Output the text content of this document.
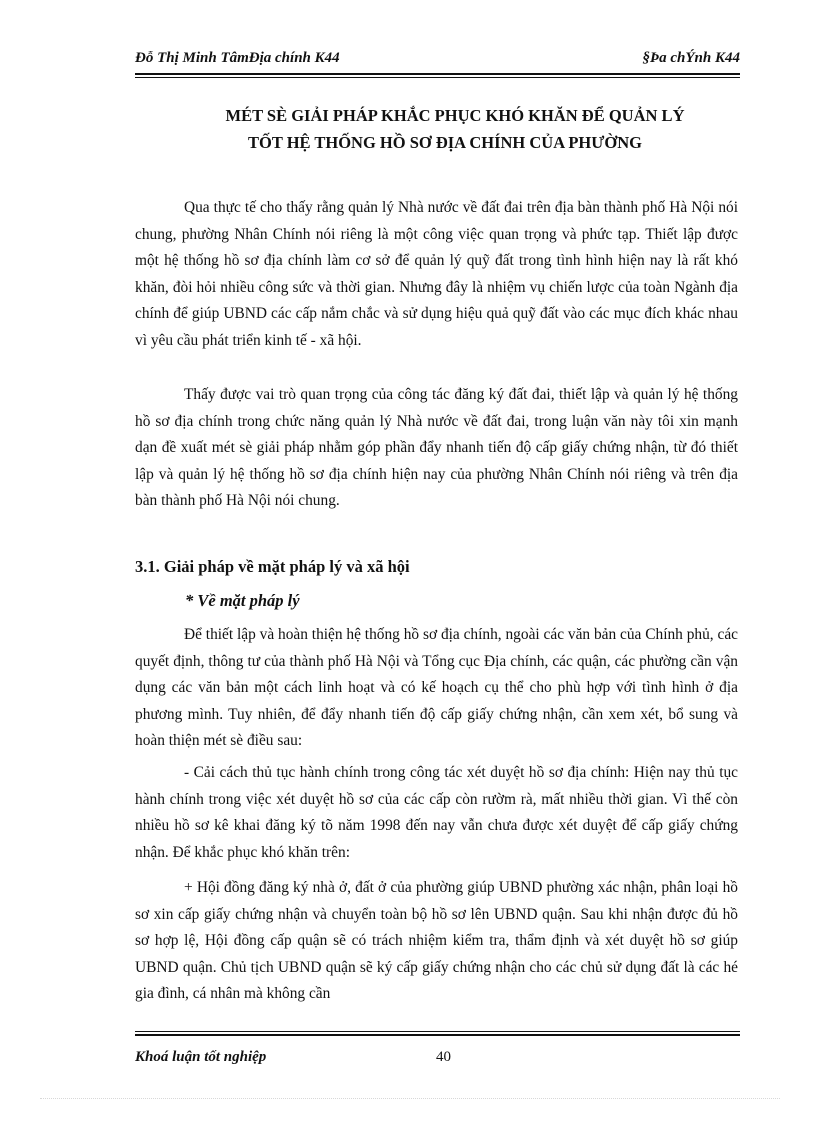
Đỗ Thị Minh TâmĐịa chính K44	§Þa chÝnh K44
MÉT SÈ GIẢI PHÁP KHẮC PHỤC KHÓ KHĂN ĐỂ QUẢN LÝ
TỐT HỆ THỐNG HỒ SƠ ĐỊA CHÍNH CỦA PHƯỜNG

Qua thực tế cho thấy rằng quản lý Nhà nước về đất đai trên địa bàn thành phố Hà Nội nói chung, phường Nhân Chính nói riêng là một công việc quan trọng và phức tạp. Thiết lập được một hệ thống hồ sơ địa chính làm cơ sở để quản lý quỹ đất trong tình hình hiện nay là rất khó khăn, đòi hỏi nhiều công sức và thời gian. Nhưng đây là nhiệm vụ chiến lược của toàn Ngành địa chính để giúp UBND các cấp nắm chắc và sử dụng hiệu quả quỹ đất vào các mục đích khác nhau vì yêu cầu phát triển kinh tế - xã hội.

Thấy được vai trò quan trọng của công tác đăng ký đất đai, thiết lập và quản lý hệ thống hồ sơ địa chính trong chức năng quản lý Nhà nước về đất đai, trong luận văn này tôi xin mạnh dạn đề xuất mét sè giải pháp nhằm góp phần đẩy nhanh tiến độ cấp giấy chứng nhận, từ đó thiết lập và quản lý hệ thống hồ sơ địa chính hiện nay của phường Nhân Chính nói riêng và trên địa bàn thành phố Hà Nội nói chung.

3.1. Giải pháp về mặt pháp lý và xã hội
* Về mặt pháp lý

Để thiết lập và hoàn thiện hệ thống hồ sơ địa chính, ngoài các văn bản của Chính phủ, các quyết định, thông tư của thành phố Hà Nội và Tổng cục Địa chính, các quận, các phường cần vận dụng các văn bản một cách linh hoạt và có kế hoạch cụ thể cho phù hợp với tình hình ở địa phương mình. Tuy nhiên, để đẩy nhanh tiến độ cấp giấy chứng nhận, cần xem xét, bổ sung và hoàn thiện mét sè điều sau:

- Cải cách thủ tục hành chính trong công tác xét duyệt hồ sơ địa chính: Hiện nay thủ tục hành chính trong việc xét duyệt hồ sơ của các cấp còn rườm rà, mất nhiều thời gian. Vì thế còn nhiều hồ sơ kê khai đăng ký tõ năm 1998 đến nay vẫn chưa được xét duyệt để cấp giấy chứng nhận. Để khắc phục khó khăn trên:

+ Hội đồng đăng ký nhà ở, đất ở của phường giúp UBND phường xác nhận, phân loại hồ sơ xin cấp giấy chứng nhận và chuyển toàn bộ hồ sơ lên UBND quận. Sau khi nhận được đủ hồ sơ hợp lệ, Hội đồng cấp quận sẽ có trách nhiệm kiểm tra, thẩm định và xét duyệt hồ sơ giúp UBND quận. Chủ tịch UBND quận sẽ ký cấp giấy chứng nhận cho các chủ sử dụng đất là các hé gia đình, cá nhân mà không cần

Khoá luận tốt nghiệp	40
